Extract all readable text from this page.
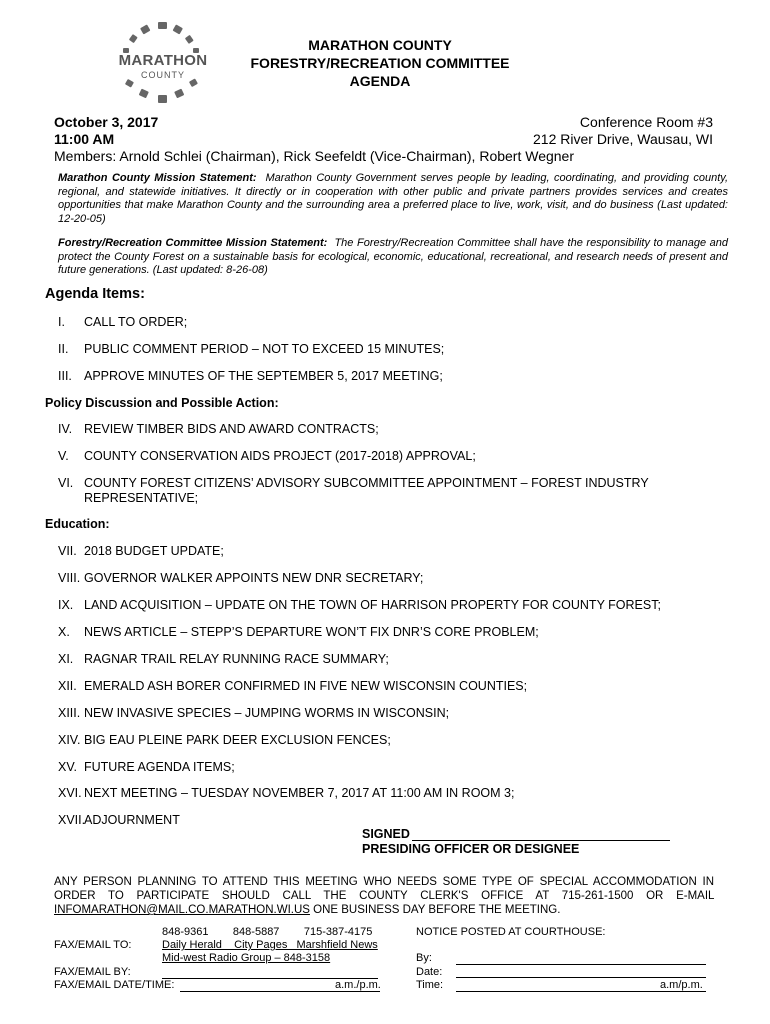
MARATHON
COUNTY
MARATHON COUNTY
FORESTRY/RECREATION COMMITTEE
AGENDA
October 3, 2017
11:00 AM
Conference Room #3
212 River Drive, Wausau, WI
Members: Arnold Schlei (Chairman), Rick Seefeldt (Vice-Chairman), Robert Wegner
Marathon County Mission Statement: Marathon County Government serves people by leading, coordinating, and providing county, regional, and statewide initiatives. It directly or in cooperation with other public and private partners provides services and creates opportunities that make Marathon County and the surrounding area a preferred place to live, work, visit, and do business (Last updated: 12-20-05)
Forestry/Recreation Committee Mission Statement: The Forestry/Recreation Committee shall have the responsibility to manage and protect the County Forest on a sustainable basis for ecological, economic, educational, recreational, and research needs of present and future generations. (Last updated: 8-26-08)
Agenda Items:
I.	CALL TO ORDER;
II.	PUBLIC COMMENT PERIOD – NOT TO EXCEED 15 MINUTES;
III. APPROVE MINUTES OF THE SEPTEMBER 5, 2017 MEETING;
Policy Discussion and Possible Action:
IV. REVIEW TIMBER BIDS AND AWARD CONTRACTS;
V.	COUNTY CONSERVATION AIDS PROJECT (2017-2018) APPROVAL;
VI. COUNTY FOREST CITIZENS’ ADVISORY SUBCOMMITTEE APPOINTMENT – FOREST INDUSTRY REPRESENTATIVE;
Education:
VII. 2018 BUDGET UPDATE;
VIII. GOVERNOR WALKER APPOINTS NEW DNR SECRETARY;
IX. LAND ACQUISITION – UPDATE ON THE TOWN OF HARRISON PROPERTY FOR COUNTY FOREST;
X.	NEWS ARTICLE – STEPP’S DEPARTURE WON’T FIX DNR’S CORE PROBLEM;
XI. RAGNAR TRAIL RELAY RUNNING RACE SUMMARY;
XII. EMERALD ASH BORER CONFIRMED IN FIVE NEW WISCONSIN COUNTIES;
XIII. NEW INVASIVE SPECIES – JUMPING WORMS IN WISCONSIN;
XIV. BIG EAU PLEINE PARK DEER EXCLUSION FENCES;
XV. FUTURE AGENDA ITEMS;
XVI. NEXT MEETING – TUESDAY NOVEMBER 7, 2017 AT 11:00 AM IN ROOM 3;
XVII.
ADJOURNMENT
SIGNED
PRESIDING OFFICER OR DESIGNEE
ANY PERSON PLANNING TO ATTEND THIS MEETING WHO NEEDS SOME TYPE OF SPECIAL ACCOMMODATION IN ORDER TO PARTICIPATE SHOULD CALL THE COUNTY CLERK'S OFFICE AT 715-261-1500 OR E-MAIL INFOMARATHON@MAIL.CO.MARATHON.WI.US ONE BUSINESS DAY BEFORE THE MEETING.
848-9361        848-5887        715-387-4175
FAX/EMAIL TO:	Daily Herald    City Pages   Marshfield News
Mid-west Radio Group – 848-3158
FAX/EMAIL BY:
FAX/EMAIL DATE/TIME:	a.m./p.m.
NOTICE POSTED AT COURTHOUSE:
By:
Date:
Time:	a.m/p.m.
